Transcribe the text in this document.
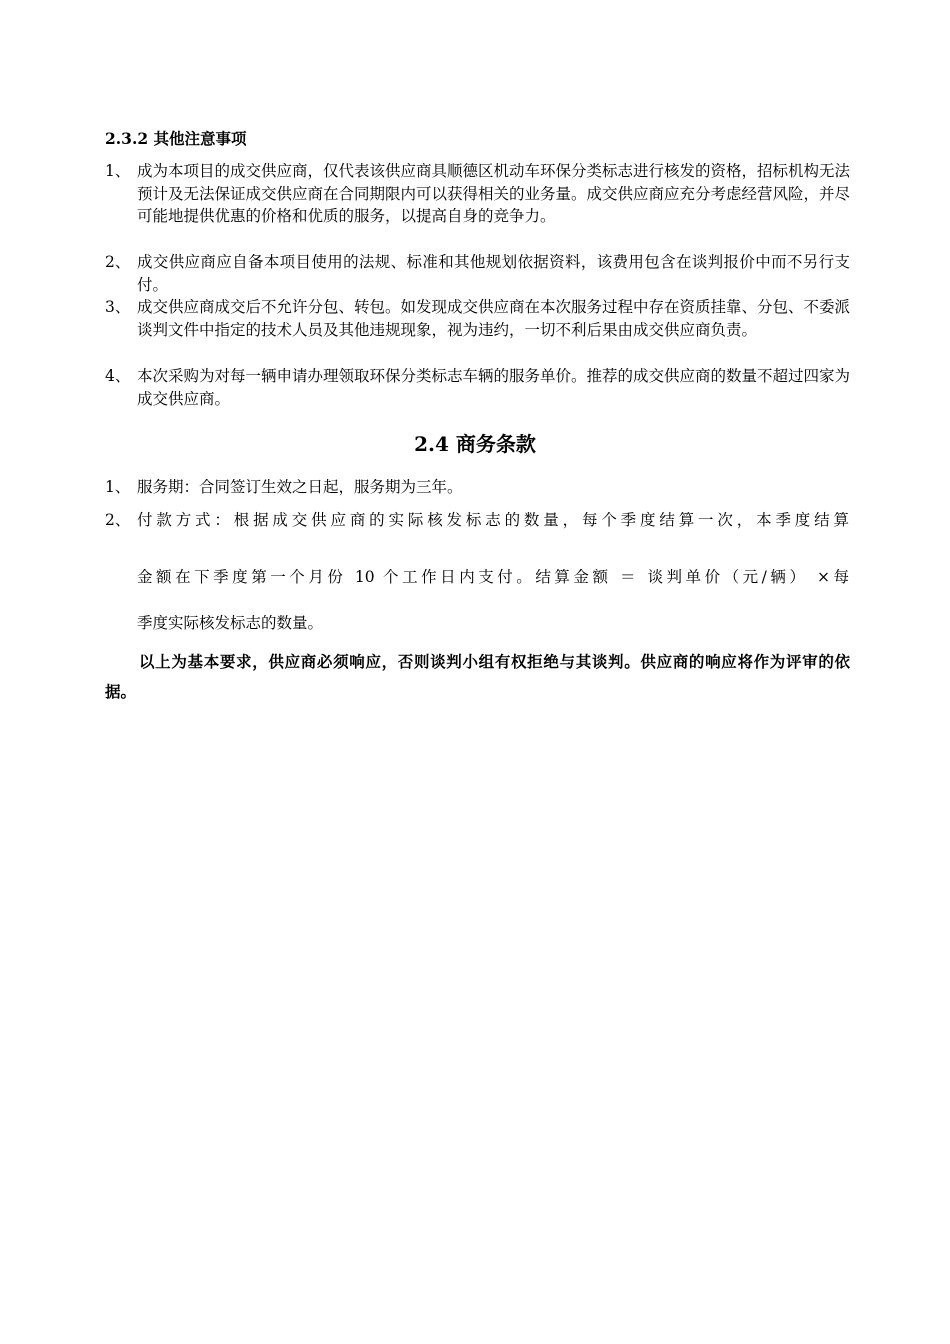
2.3.2 其他注意事项
1、 成为本项目的成交供应商，仅代表该供应商具顺德区机动车环保分类标志进行核发的资格，招标机构无法预计及无法保证成交供应商在合同期限内可以获得相关的业务量。成交供应商应充分考虑经营风险，并尽可能地提供优惠的价格和优质的服务，以提高自身的竞争力。
2、 成交供应商应自备本项目使用的法规、标准和其他规划依据资料，该费用包含在谈判报价中而不另行支付。
3、 成交供应商成交后不允许分包、转包。如发现成交供应商在本次服务过程中存在资质挂靠、分包、不委派谈判文件中指定的技术人员及其他违规现象，视为违约，一切不利后果由成交供应商负责。
4、 本次采购为对每一辆申请办理领取环保分类标志车辆的服务单价。推荐的成交供应商的数量不超过四家为成交供应商。
2.4 商务条款
1、 服务期：合同签订生效之日起，服务期为三年。
2、 付款方式：根据成交供应商的实际核发标志的数量，每个季度结算一次，本季度结算
金额在下季度第一个月份 10 个工作日内支付。结算金额 ＝ 谈判单价（元/辆） ×每
季度实际核发标志的数量。
以上为基本要求，供应商必须响应，否则谈判小组有权拒绝与其谈判。供应商的响应将作为评审的依据。
